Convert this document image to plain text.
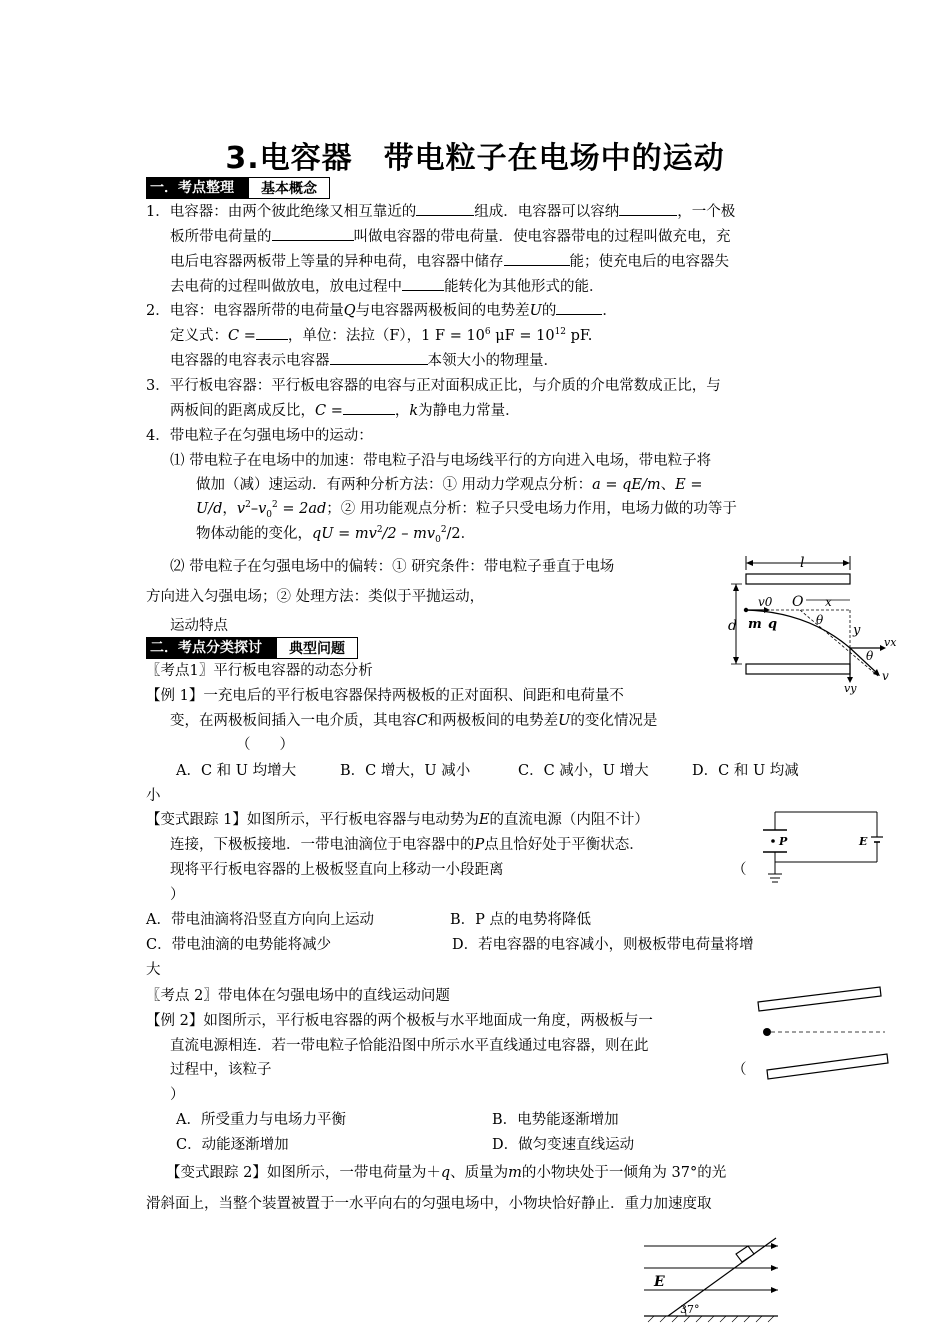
3.电容器　带电粒子在电场中的运动
一．考点整理	基本概念
1．电容器：由两个彼此绝缘又相互靠近的	组成．电容器可以容纳	，一个极
板所带电荷量的	叫做电容器的带电荷量．使电容器带电的过程叫做充电，充
电后电容器两板带上等量的异种电荷，电容器中储存	能；使充电后的电容器失
去电荷的过程叫做放电，放电过程中	能转化为其他形式的能．
2．电容：电容器所带的电荷量Q与电容器两极板间的电势差U的	．
定义式：C = ，单位：法拉（F），1 $F = 10^6$ $\mu F = 10^{12}$ pF.
电容器的电容表示电容器	本领大小的物理量．
3．平行板电容器：平行板电容器的电容与正对面积成正比，与介质的介电常数成正比，与
两板间的距离成反比，C =	，k为静电力常量．
4．带电粒子在匀强电场中的运动：
⑴ 带电粒子在电场中的加速：带电粒子沿与电场线平行的方向进入电场，带电粒子将
做加（减）速运动．有两种分析方法：① 用动力学观点分析：a = qE/m、E =
U/d，$v^2-v_0^2 = 2ad$；② 用功能观点分析：粒子只受电场力作用，电场力做的功等于
物体动能的变化，qU = $mv^2/2 - mv_0^2/2$．
⑵ 带电粒子在匀强电场中的偏转：① 研究条件：带电粒子垂直于电场
方向进入匀强电场；② 处理方法：类似于平抛运动，
运动特点
l
d
v0 O x
m q	y
θ
vx
vy
v
θ
二．考点分类探讨	典型问题
〖考点1〗平行板电容器的动态分析
【例 1】一充电后的平行板电容器保持两极板的正对面积、间距和电荷量不
变，在两极板间插入一电介质，其电容C和两极板间的电势差U的变化情况是
（　　）
A．C 和 U 均增大	B．C 增大，U 减小	C．C 减小，U 增大	D．C 和 U 均减
小
【变式跟踪 1】如图所示，平行板电容器与电动势为E的直流电源（内阻不计）
连接，下极板接地．一带电油滴位于电容器中的P点且恰好处于平衡状态．
现将平行板电容器的上极板竖直向上移动一小段距离	（
）
A．带电油滴将沿竖直方向向上运动	B．P 点的电势将降低
C．带电油滴的电势能将减少	D．若电容器的电容减小，则极板带电荷量将增
大
P	E
〖考点 2〗带电体在匀强电场中的直线运动问题
【例 2】如图所示，平行板电容器的两个极板与水平地面成一角度，两极板与一
直流电源相连．若一带电粒子恰能沿图中所示水平直线通过电容器，则在此
过程中，该粒子	（
）
A．所受重力与电场力平衡	B．电势能逐渐增加
C．动能逐渐增加	D．做匀变速直线运动
【变式跟踪 2】如图所示，一带电荷量为＋q、质量为m的小物块处于一倾角为 37°的光
滑斜面上，当整个装置被置于一水平向右的匀强电场中，小物块恰好静止．重力加速度取
E
37°
